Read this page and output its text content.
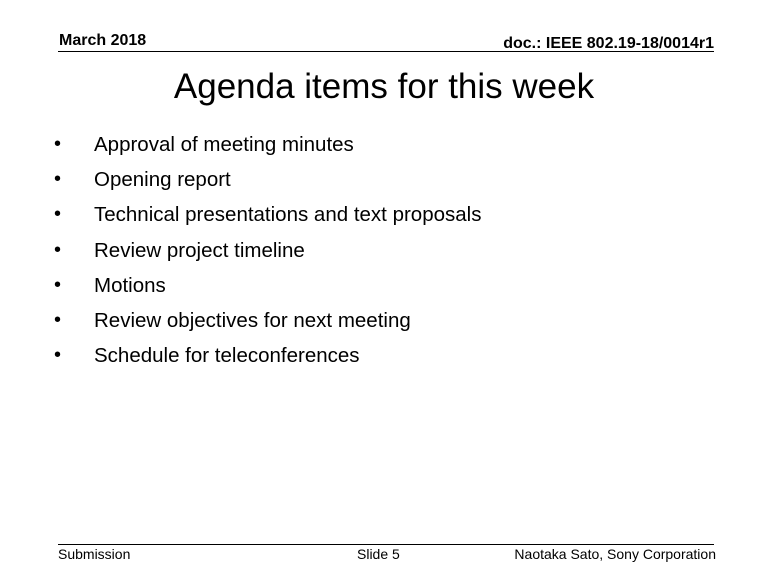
March 2018	doc.: IEEE 802.19-18/0014r1
Agenda items for this week
•	Approval of meeting minutes
•	Opening report
•	Technical presentations and text proposals
•	Review project timeline
•	Motions
•	Review objectives for next meeting
•	Schedule for teleconferences
Submission	Slide 5	Naotaka Sato, Sony Corporation
